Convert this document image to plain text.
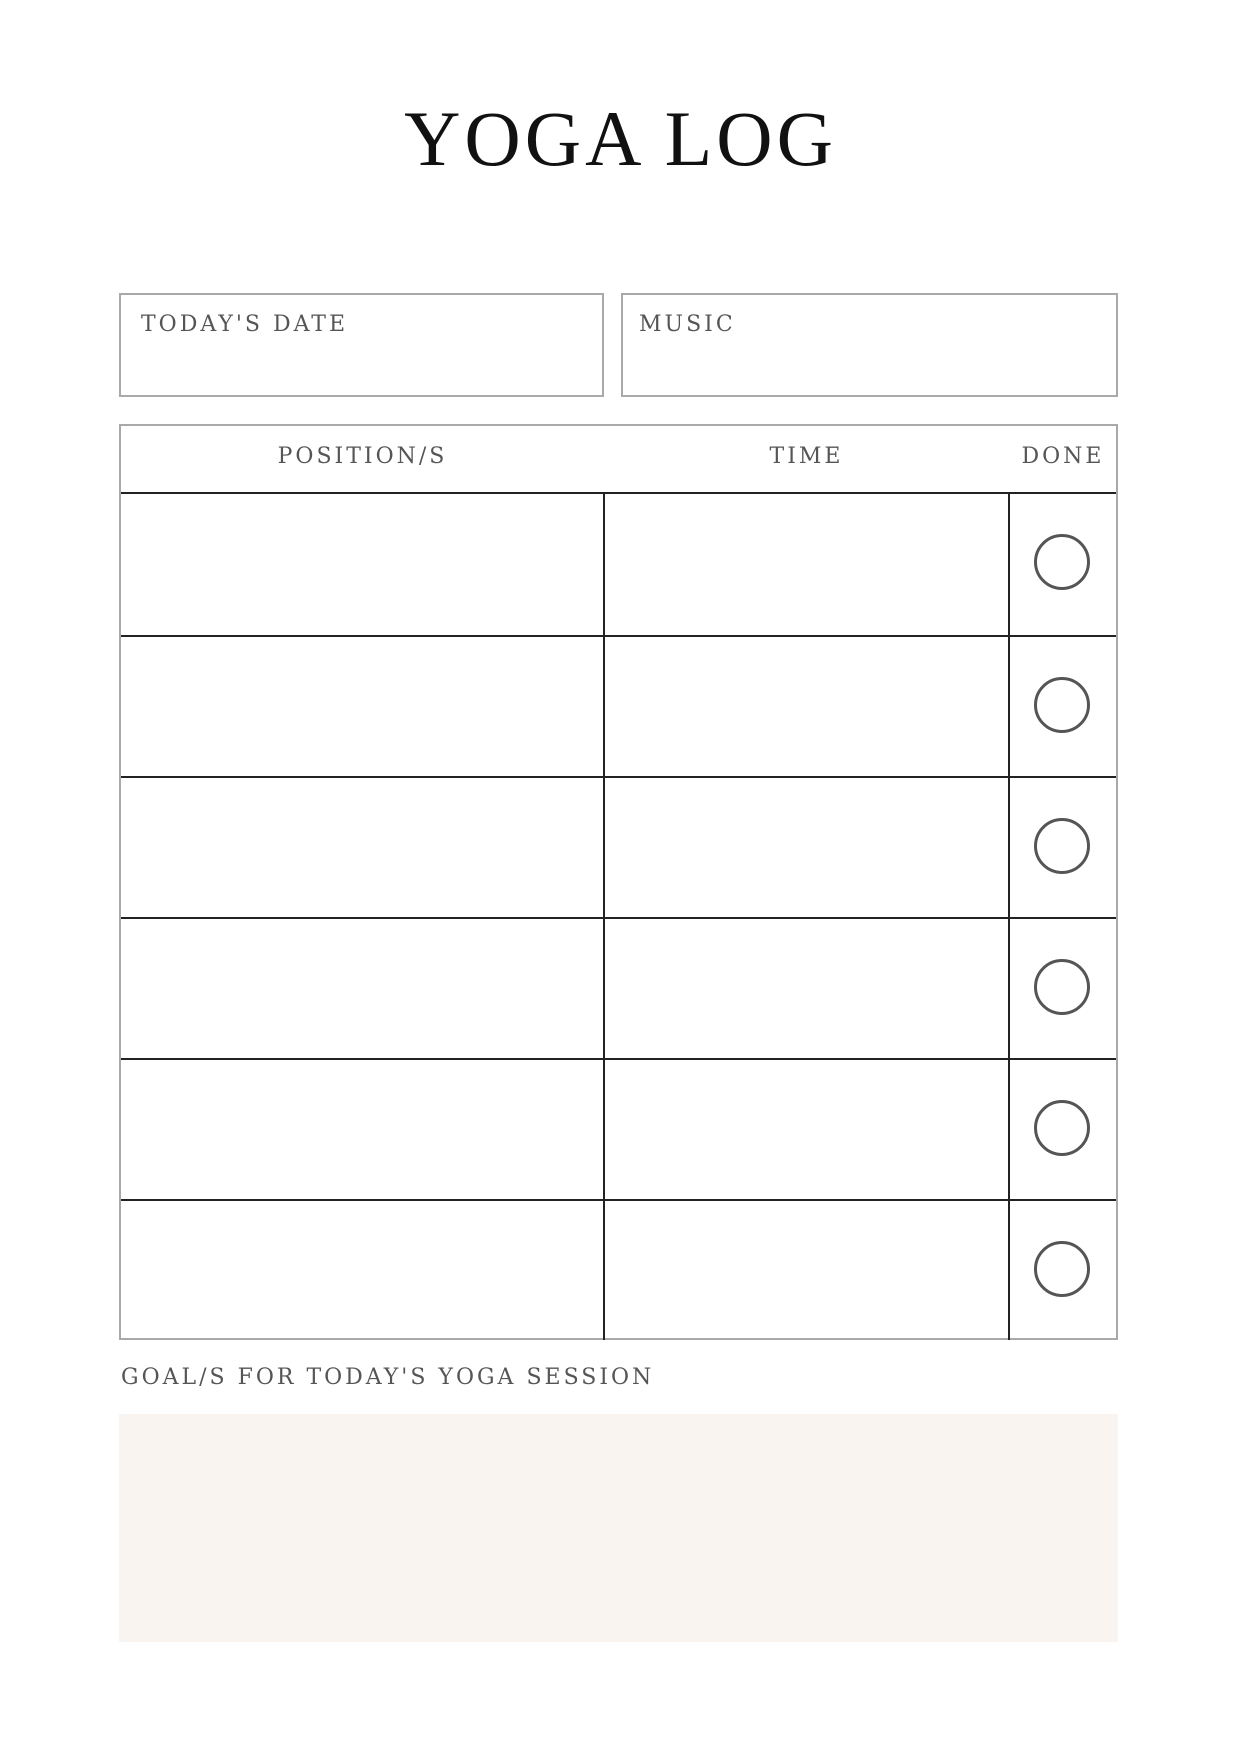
YOGA LOG
TODAY'S DATE	MUSIC
POSITION/S	TIME	DONE
GOAL/S FOR TODAY'S YOGA SESSION
